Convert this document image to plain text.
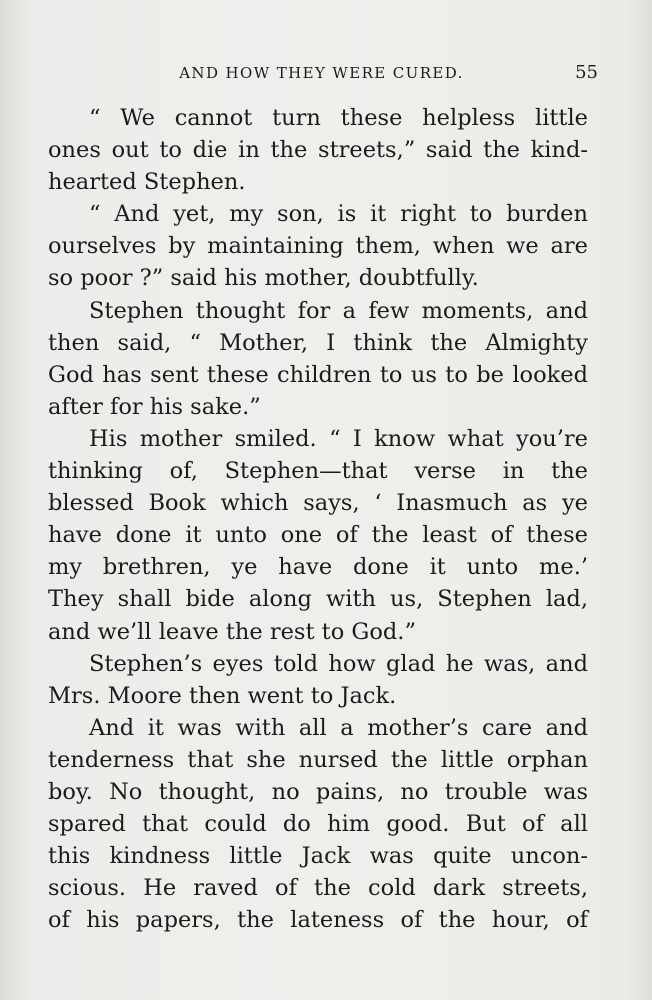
AND HOW THEY WERE CURED.	55
“ We cannot turn these helpless little
ones out to die in the streets,” said the kind-
hearted Stephen.
“ And yet, my son, is it right to burden
ourselves by maintaining them, when we are
so poor ?” said his mother, doubtfully.
Stephen thought for a few moments, and
then said, “ Mother, I think the Almighty
God has sent these children to us to be looked
after for his sake.”
His mother smiled. “ I know what you’re
thinking of, Stephen—that verse in the
blessed Book which says, ‘ Inasmuch as ye
have done it unto one of the least of these
my brethren, ye have done it unto me.’
They shall bide along with us, Stephen lad,
and we’ll leave the rest to God.”
Stephen’s eyes told how glad he was, and
Mrs. Moore then went to Jack.
And it was with all a mother’s care and
tenderness that she nursed the little orphan
boy. No thought, no pains, no trouble was
spared that could do him good. But of all
this kindness little Jack was quite uncon-
scious. He raved of the cold dark streets,
of his papers, the lateness of the hour, of
